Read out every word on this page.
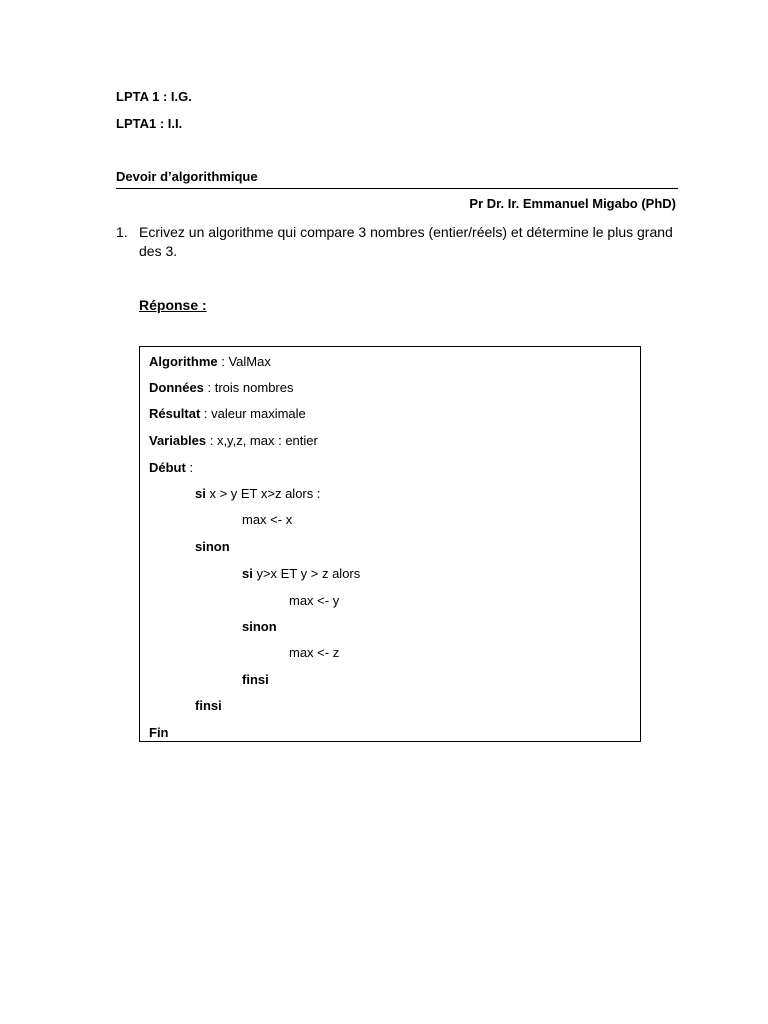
LPTA 1 : I.G.
LPTA1 : I.I.
Devoir d’algorithmique
Pr Dr. Ir. Emmanuel Migabo (PhD)
1. Ecrivez un algorithme qui compare 3 nombres (entier/réels) et détermine le plus grand des 3.
Réponse :
Algorithme : ValMax
Données : trois nombres
Résultat : valeur maximale
Variables : x,y,z, max : entier
Début :
si x > y ET x>z alors :
max <- x
sinon
si y>x ET y > z alors
max <- y
sinon
max <- z
finsi
finsi
Fin
